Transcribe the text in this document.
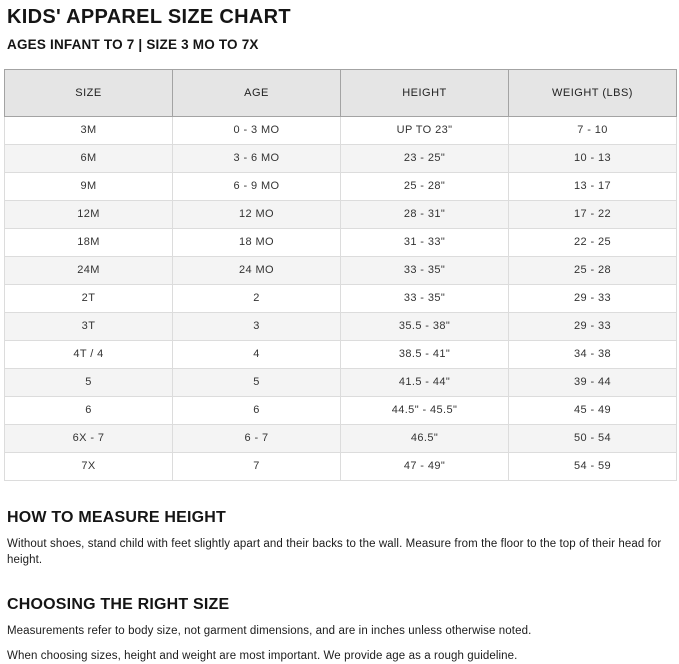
KIDS' APPAREL SIZE CHART
AGES INFANT TO 7 | SIZE 3 MO TO 7X
SIZE	AGE	HEIGHT	WEIGHT (LBS)
3M	0 - 3 MO	UP TO 23"	7 - 10
6M	3 - 6 MO	23 - 25"	10 - 13
9M	6 - 9 MO	25 - 28"	13 - 17
12M	12 MO	28 - 31"	17 - 22
18M	18 MO	31 - 33"	22 - 25
24M	24 MO	33 - 35"	25 - 28
2T	2	33 - 35"	29 - 33
3T	3	35.5 - 38"	29 - 33
4T / 4	4	38.5 - 41"	34 - 38
5	5	41.5 - 44"	39 - 44
6	6	44.5" - 45.5"	45 - 49
6X - 7	6 - 7	46.5"	50 - 54
7X	7	47 - 49"	54 - 59
HOW TO MEASURE HEIGHT

Without shoes, stand child with feet slightly apart and their backs to the wall. Measure from the floor to the top of their head for height.

CHOOSING THE RIGHT SIZE

Measurements refer to body size, not garment dimensions, and are in inches unless otherwise noted.

When choosing sizes, height and weight are most important. We provide age as a rough guideline.
